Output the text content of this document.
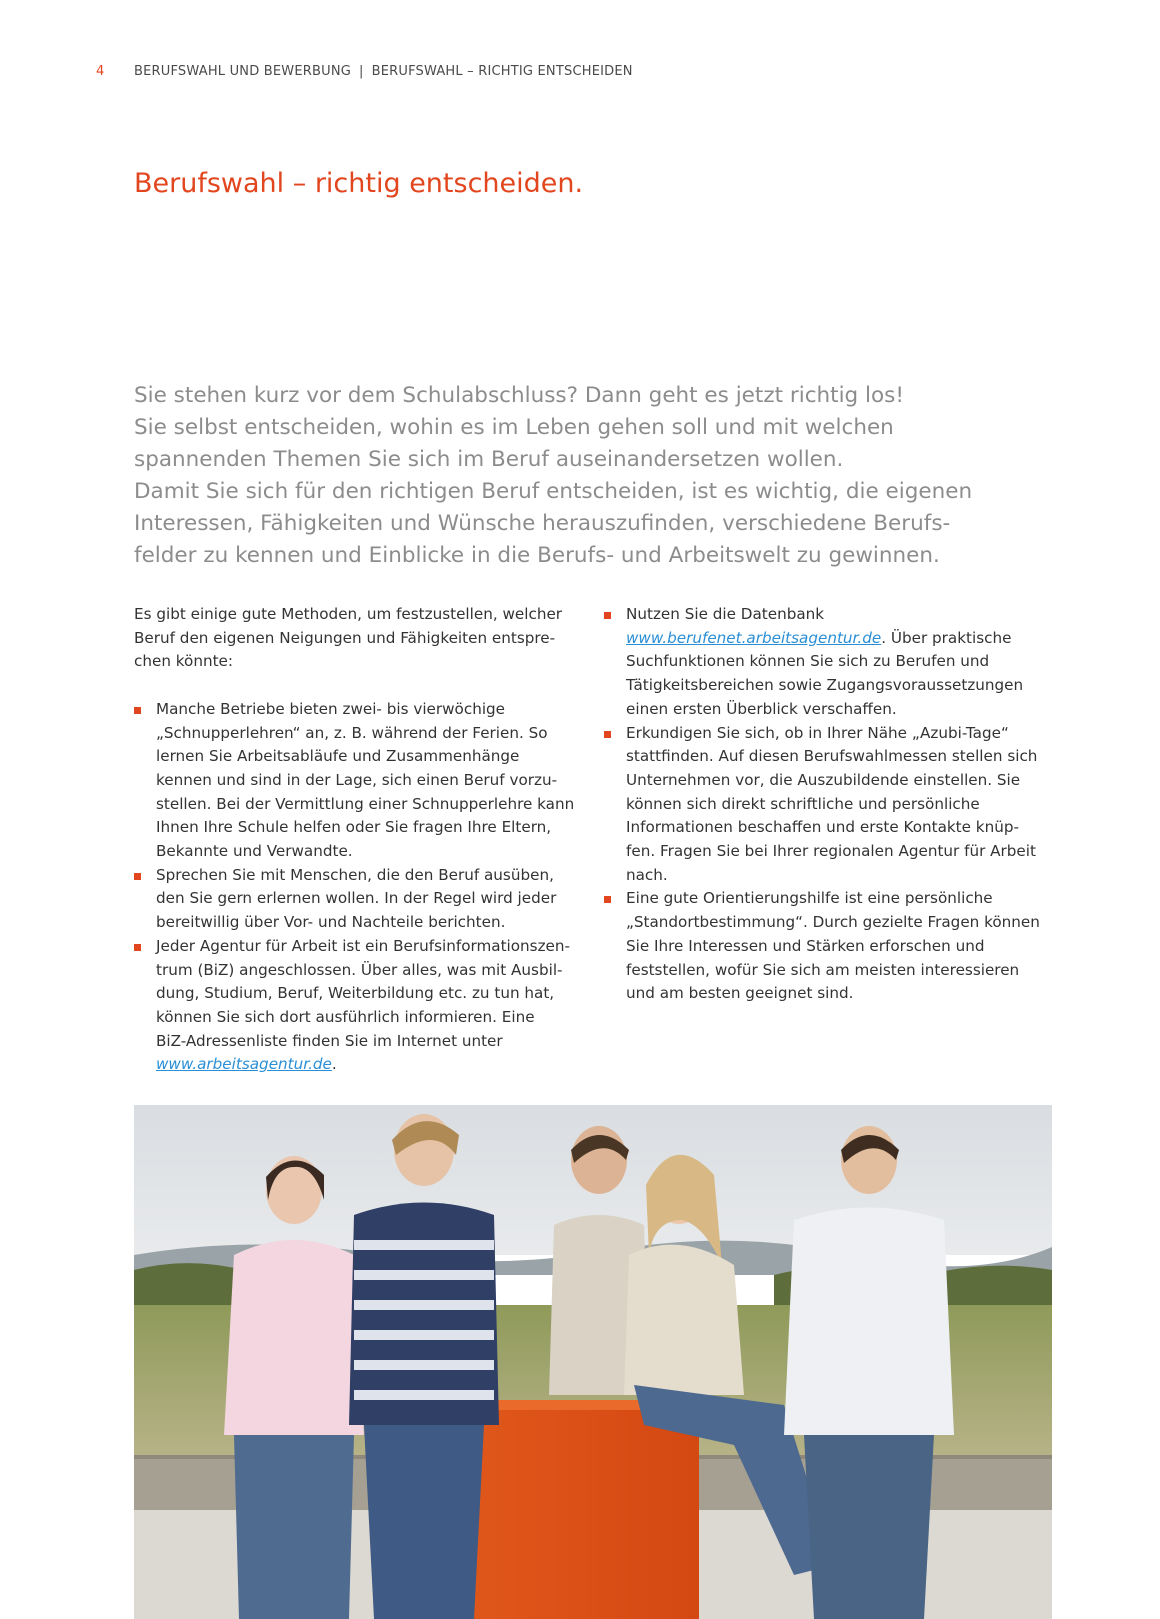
4 BERUFSWAHL UND BEWERBUNG | BERUFSWAHL – RICHTIG ENTSCHEIDEN
Berufswahl – richtig entscheiden.

Sie stehen kurz vor dem Schulabschluss? Dann geht es jetzt richtig los!
Sie selbst entscheiden, wohin es im Leben gehen soll und mit welchen
spannenden Themen Sie sich im Beruf auseinandersetzen wollen.
Damit Sie sich für den richtigen Beruf entscheiden, ist es wichtig, die eigenen
Interessen, Fähigkeiten und Wünsche herauszufinden, verschiedene Berufs-
felder zu kennen und Einblicke in die Berufs- und Arbeitswelt zu gewinnen.

Es gibt einige gute Methoden, um festzustellen, welcher
Beruf den eigenen Neigungen und Fähigkeiten entspre-
chen könnte:

Manche Betriebe bieten zwei- bis vierwöchige
„Schnupperlehren“ an, z. B. während der Ferien. So
lernen Sie Arbeitsabläufe und Zusammenhänge
kennen und sind in der Lage, sich einen Beruf vorzu-
stellen. Bei der Vermittlung einer Schnupperlehre kann
Ihnen Ihre Schule helfen oder Sie fragen Ihre Eltern,
Bekannte und Verwandte.
Sprechen Sie mit Menschen, die den Beruf ausüben,
den Sie gern erlernen wollen. In der Regel wird jeder
bereitwillig über Vor- und Nachteile berichten.
Jeder Agentur für Arbeit ist ein Berufsinformationszen-
trum (BiZ) angeschlossen. Über alles, was mit Ausbil-
dung, Studium, Beruf, Weiterbildung etc. zu tun hat,
können Sie sich dort ausführlich informieren. Eine
BiZ-Adressenliste finden Sie im Internet unter
www.arbeitsagentur.de.
Nutzen Sie die Datenbank
www.berufenet.arbeitsagentur.de. Über praktische
Suchfunktionen können Sie sich zu Berufen und
Tätigkeitsbereichen sowie Zugangsvoraussetzungen
einen ersten Überblick verschaffen.
Erkundigen Sie sich, ob in Ihrer Nähe „Azubi-Tage“
stattfinden. Auf diesen Berufswahlmessen stellen sich
Unternehmen vor, die Auszubildende einstellen. Sie
können sich direkt schriftliche und persönliche
Informationen beschaffen und erste Kontakte knüp-
fen. Fragen Sie bei Ihrer regionalen Agentur für Arbeit
nach.
Eine gute Orientierungshilfe ist eine persönliche
„Standortbestimmung“. Durch gezielte Fragen können
Sie Ihre Interessen und Stärken erforschen und
feststellen, wofür Sie sich am meisten interessieren
und am besten geeignet sind.
